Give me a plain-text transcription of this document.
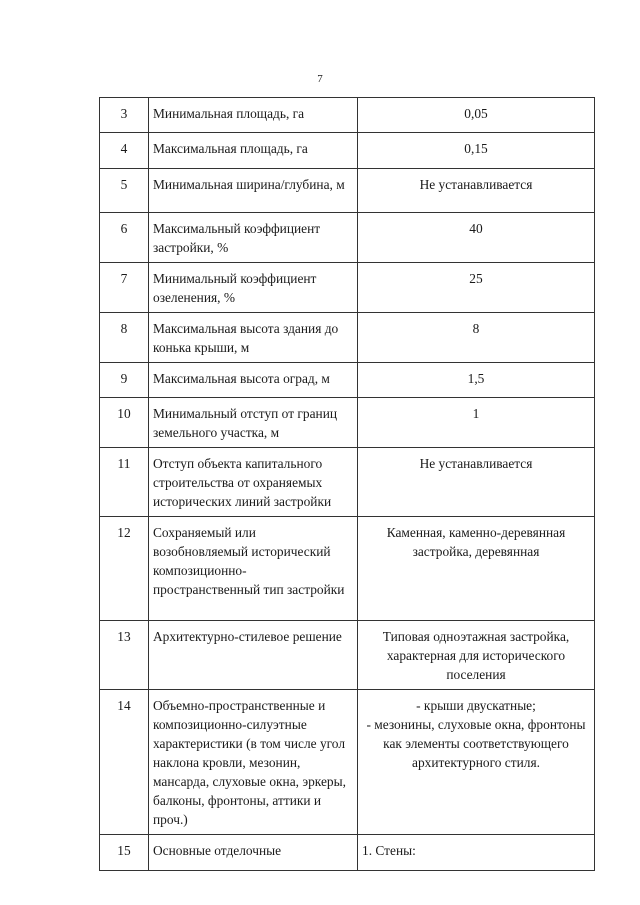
7
3	Минимальная площадь, га	0,05
4	Максимальная площадь, га	0,15
5	Минимальная ширина/глубина, м	Не устанавливается
6	Максимальный коэффициент застройки, %	40
7	Минимальный коэффициент озеленения, %	25
8	Максимальная высота здания до конька крыши, м	8
9	Максимальная высота оград, м	1,5
10	Минимальный отступ от границ земельного участка, м	1
11	Отступ объекта капитального строительства от охраняемых исторических линий застройки	Не устанавливается
12	Сохраняемый или возобновляемый исторический композиционно-пространственный тип застройки	Каменная, каменно-деревянная застройка, деревянная
13	Архитектурно-стилевое решение	Типовая одноэтажная застройка, характерная для исторического поселения
14	Объемно-пространственные и композиционно-силуэтные характеристики (в том числе угол наклона кровли, мезонин, мансарда, слуховые окна, эркеры, балконы, фронтоны, аттики и проч.)	- крыши двускатные;
- мезонины, слуховые окна, фронтоны как элементы соответствующего архитектурного стиля.

15	Основные отделочные	1. Стены:
